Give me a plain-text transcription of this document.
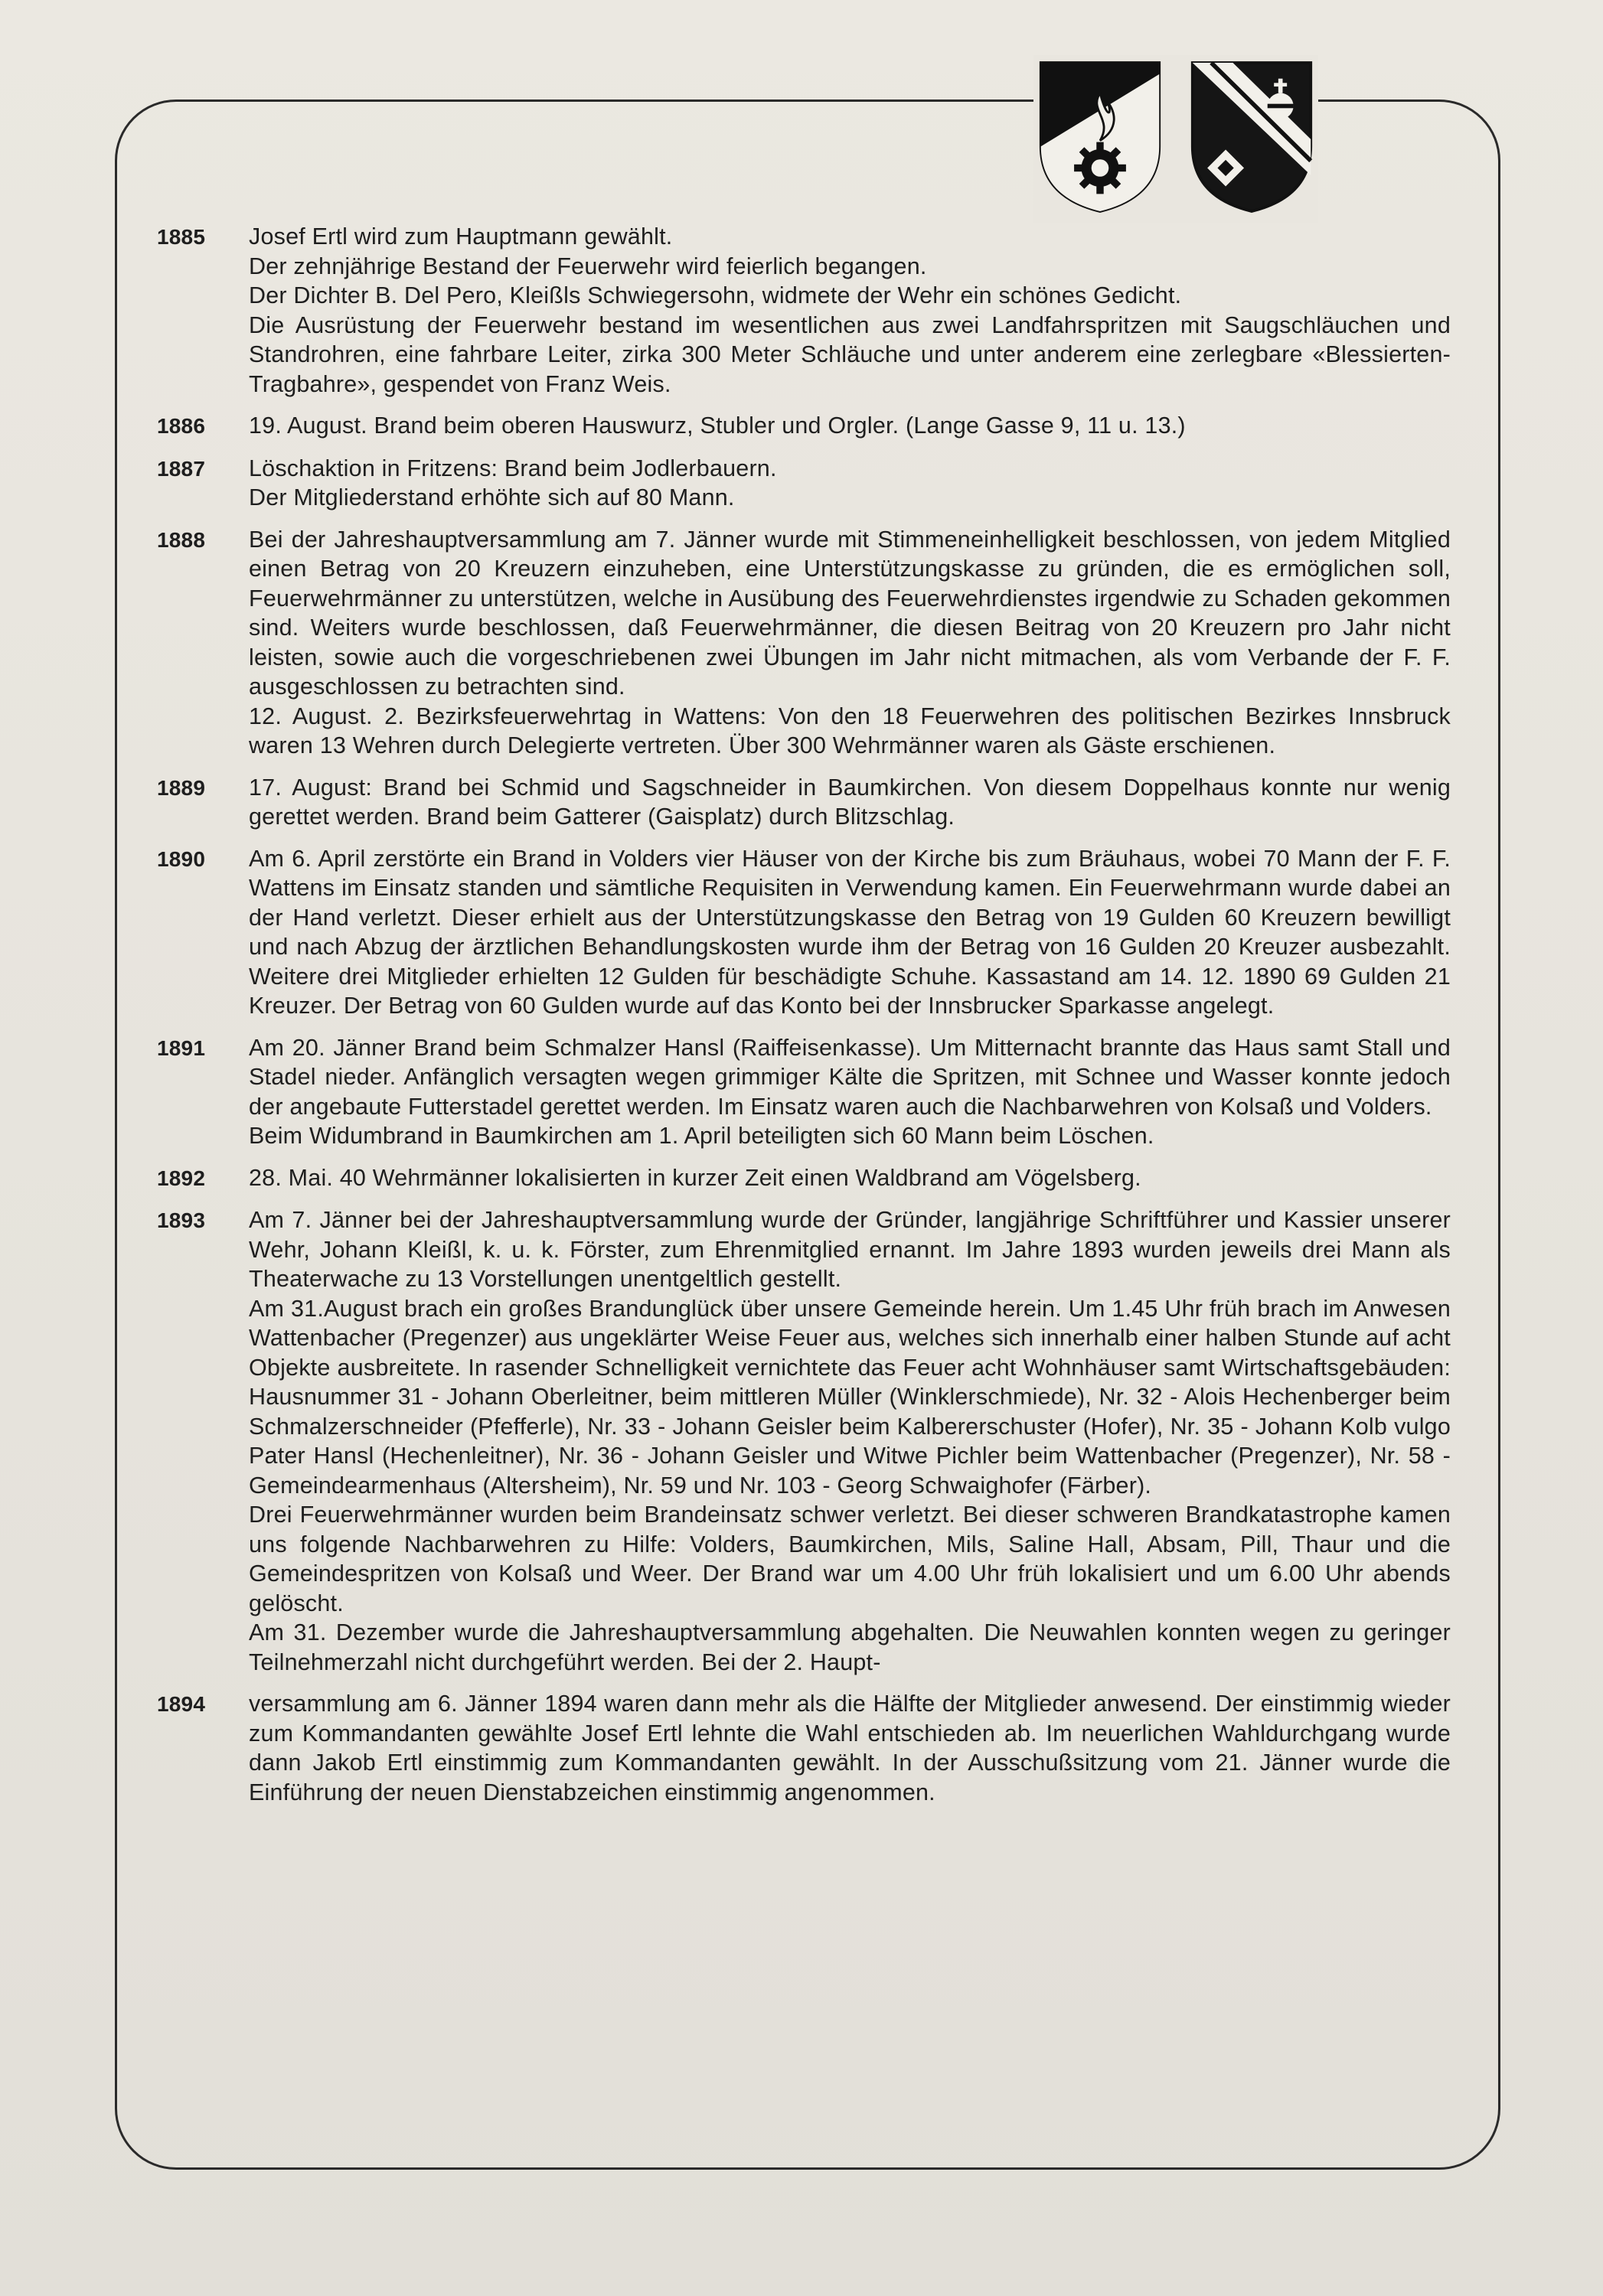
1885	Josef Ertl wird zum Hauptmann gewählt.
Der zehnjährige Bestand der Feuerwehr wird feierlich begangen.
Der Dichter B. Del Pero, Kleißls Schwiegersohn, widmete der Wehr ein schönes Gedicht.
Die Ausrüstung der Feuerwehr bestand im wesentlichen aus zwei Landfahrspritzen mit Saugschläuchen und Standrohren, eine fahrbare Leiter, zirka 300 Meter Schläuche und unter anderem eine zerlegbare «Blessierten-Tragbahre», gespendet von Franz Weis.
1886	19. August. Brand beim oberen Hauswurz, Stubler und Orgler. (Lange Gasse 9, 11 u. 13.)
1887	Löschaktion in Fritzens: Brand beim Jodlerbauern.
Der Mitgliederstand erhöhte sich auf 80 Mann.
1888	Bei der Jahreshauptversammlung am 7. Jänner wurde mit Stimmeneinhelligkeit beschlossen, von jedem Mitglied einen Betrag von 20 Kreuzern einzuheben, eine Unterstützungskasse zu gründen, die es ermöglichen soll, Feuerwehrmänner zu unterstützen, welche in Ausübung des Feuerwehrdienstes irgendwie zu Schaden gekommen sind. Weiters wurde beschlossen, daß Feuerwehrmänner, die diesen Beitrag von 20 Kreuzern pro Jahr nicht leisten, sowie auch die vorgeschriebenen zwei Übungen im Jahr nicht mitmachen, als vom Verbande der F. F. ausgeschlossen zu betrachten sind.
12. August. 2. Bezirksfeuerwehrtag in Wattens: Von den 18 Feuerwehren des politischen Bezirkes Innsbruck waren 13 Wehren durch Delegierte vertreten. Über 300 Wehrmänner waren als Gäste erschienen.
1889	17. August: Brand bei Schmid und Sagschneider in Baumkirchen. Von diesem Doppelhaus konnte nur wenig gerettet werden. Brand beim Gatterer (Gaisplatz) durch Blitzschlag.
1890	Am 6. April zerstörte ein Brand in Volders vier Häuser von der Kirche bis zum Bräuhaus, wobei 70 Mann der F. F. Wattens im Einsatz standen und sämtliche Requisiten in Verwendung kamen. Ein Feuerwehrmann wurde dabei an der Hand verletzt. Dieser erhielt aus der Unterstützungskasse den Betrag von 19 Gulden 60 Kreuzern bewilligt und nach Abzug der ärztlichen Behandlungskosten wurde ihm der Betrag von 16 Gulden 20 Kreuzer ausbezahlt. Weitere drei Mitglieder erhielten 12 Gulden für beschädigte Schuhe. Kassastand am 14. 12. 1890 69 Gulden 21 Kreuzer. Der Betrag von 60 Gulden wurde auf das Konto bei der Innsbrucker Sparkasse angelegt.
1891	Am 20. Jänner Brand beim Schmalzer Hansl (Raiffeisenkasse). Um Mitternacht brannte das Haus samt Stall und Stadel nieder. Anfänglich versagten wegen grimmiger Kälte die Spritzen, mit Schnee und Wasser konnte jedoch der angebaute Futterstadel gerettet werden. Im Einsatz waren auch die Nachbarwehren von Kolsaß und Volders.
Beim Widumbrand in Baumkirchen am 1. April beteiligten sich 60 Mann beim Löschen.
1892	28. Mai. 40 Wehrmänner lokalisierten in kurzer Zeit einen Waldbrand am Vögelsberg.
1893	Am 7. Jänner bei der Jahreshauptversammlung wurde der Gründer, langjährige Schriftführer und Kassier unserer Wehr, Johann Kleißl, k. u. k. Förster, zum Ehrenmitglied ernannt. Im Jahre 1893 wurden jeweils drei Mann als Theaterwache zu 13 Vorstellungen unentgeltlich gestellt.
Am 31.August brach ein großes Brandunglück über unsere Gemeinde herein. Um 1.45 Uhr früh brach im Anwesen Wattenbacher (Pregenzer) aus ungeklärter Weise Feuer aus, welches sich innerhalb einer halben Stunde auf acht Objekte ausbreitete. In rasender Schnelligkeit vernichtete das Feuer acht Wohnhäuser samt Wirtschaftsgebäuden: Hausnummer 31 - Johann Oberleitner, beim mittleren Müller (Winklerschmiede), Nr. 32 - Alois Hechenberger beim Schmalzerschneider (Pfefferle), Nr. 33 - Johann Geisler beim Kalbererschuster (Hofer), Nr. 35 - Johann Kolb vulgo Pater Hansl (Hechenleitner), Nr. 36 - Johann Geisler und Witwe Pichler beim Wattenbacher (Pregenzer), Nr. 58 - Gemeindearmenhaus (Altersheim), Nr. 59 und Nr. 103 - Georg Schwaighofer (Färber).
Drei Feuerwehrmänner wurden beim Brandeinsatz schwer verletzt. Bei dieser schweren Brandkatastrophe kamen uns folgende Nachbarwehren zu Hilfe: Volders, Baumkirchen, Mils, Saline Hall, Absam, Pill, Thaur und die Gemeindespritzen von Kolsaß und Weer. Der Brand war um 4.00 Uhr früh lokalisiert und um 6.00 Uhr abends gelöscht.
Am 31. Dezember wurde die Jahreshauptversammlung abgehalten. Die Neuwahlen konnten wegen zu geringer Teilnehmerzahl nicht durchgeführt werden. Bei der 2. Haupt-
1894	versammlung am 6. Jänner 1894 waren dann mehr als die Hälfte der Mitglieder anwesend. Der einstimmig wieder zum Kommandanten gewählte Josef Ertl lehnte die Wahl entschieden ab. Im neuerlichen Wahldurchgang wurde dann Jakob Ertl einstimmig zum Kommandanten gewählt. In der Ausschußsitzung vom 21. Jänner wurde die Einführung der neuen Dienstabzeichen einstimmig angenommen.
